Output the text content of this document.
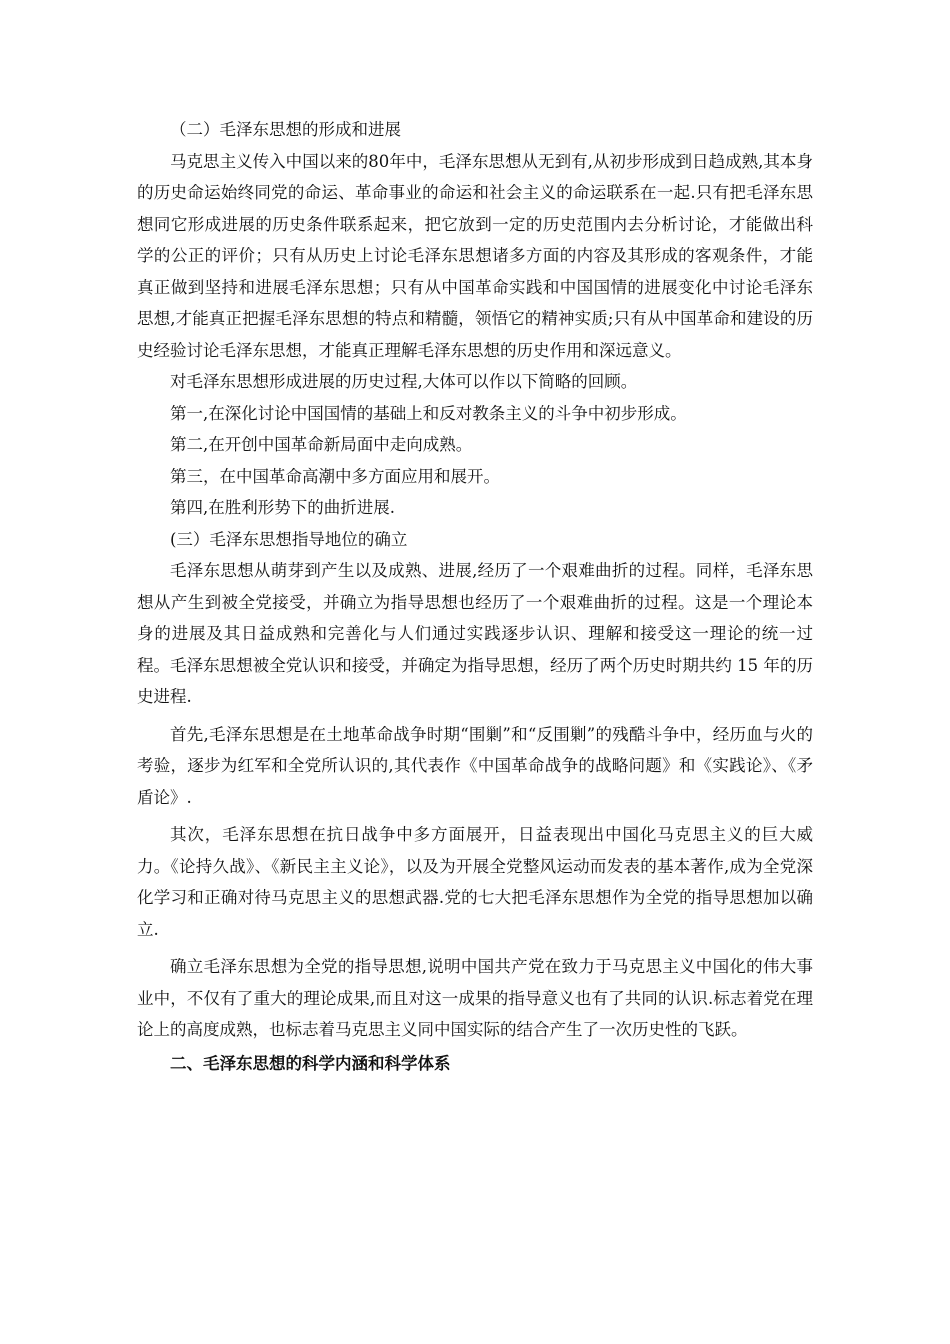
（二）毛泽东思想的形成和进展

马克思主义传入中国以来的80年中，毛泽东思想从无到有,从初步形成到日趋成熟,其本身的历史命运始终同党的命运、革命事业的命运和社会主义的命运联系在一起.只有把毛泽东思想同它形成进展的历史条件联系起来，把它放到一定的历史范围内去分析讨论，才能做出科学的公正的评价；只有从历史上讨论毛泽东思想诸多方面的内容及其形成的客观条件，才能真正做到坚持和进展毛泽东思想；只有从中国革命实践和中国国情的进展变化中讨论毛泽东思想,才能真正把握毛泽东思想的特点和精髓，领悟它的精神实质;只有从中国革命和建设的历史经验讨论毛泽东思想，才能真正理解毛泽东思想的历史作用和深远意义。

对毛泽东思想形成进展的历史过程,大体可以作以下简略的回顾。

第一,在深化讨论中国国情的基础上和反对教条主义的斗争中初步形成。

第二,在开创中国革命新局面中走向成熟。

第三，在中国革命高潮中多方面应用和展开。

第四,在胜利形势下的曲折进展.

(三）毛泽东思想指导地位的确立

毛泽东思想从萌芽到产生以及成熟、进展,经历了一个艰难曲折的过程。同样，毛泽东思想从产生到被全党接受，并确立为指导思想也经历了一个艰难曲折的过程。这是一个理论本身的进展及其日益成熟和完善化与人们通过实践逐步认识、理解和接受这一理论的统一过程。毛泽东思想被全党认识和接受，并确定为指导思想，经历了两个历史时期共约 15 年的历史进程.

首先,毛泽东思想是在土地革命战争时期“围剿”和“反围剿”的残酷斗争中，经历血与火的考验，逐步为红军和全党所认识的,其代表作《中国革命战争的战略问题》和《实践论》、《矛盾论》.

其次，毛泽东思想在抗日战争中多方面展开，日益表现出中国化马克思主义的巨大威力。《论持久战》、《新民主主义论》，以及为开展全党整风运动而发表的基本著作,成为全党深化学习和正确对待马克思主义的思想武器.党的七大把毛泽东思想作为全党的指导思想加以确立.

确立毛泽东思想为全党的指导思想,说明中国共产党在致力于马克思主义中国化的伟大事业中，不仅有了重大的理论成果,而且对这一成果的指导意义也有了共同的认识.标志着党在理论上的高度成熟，也标志着马克思主义同中国实际的结合产生了一次历史性的飞跃。

二、毛泽东思想的科学内涵和科学体系
